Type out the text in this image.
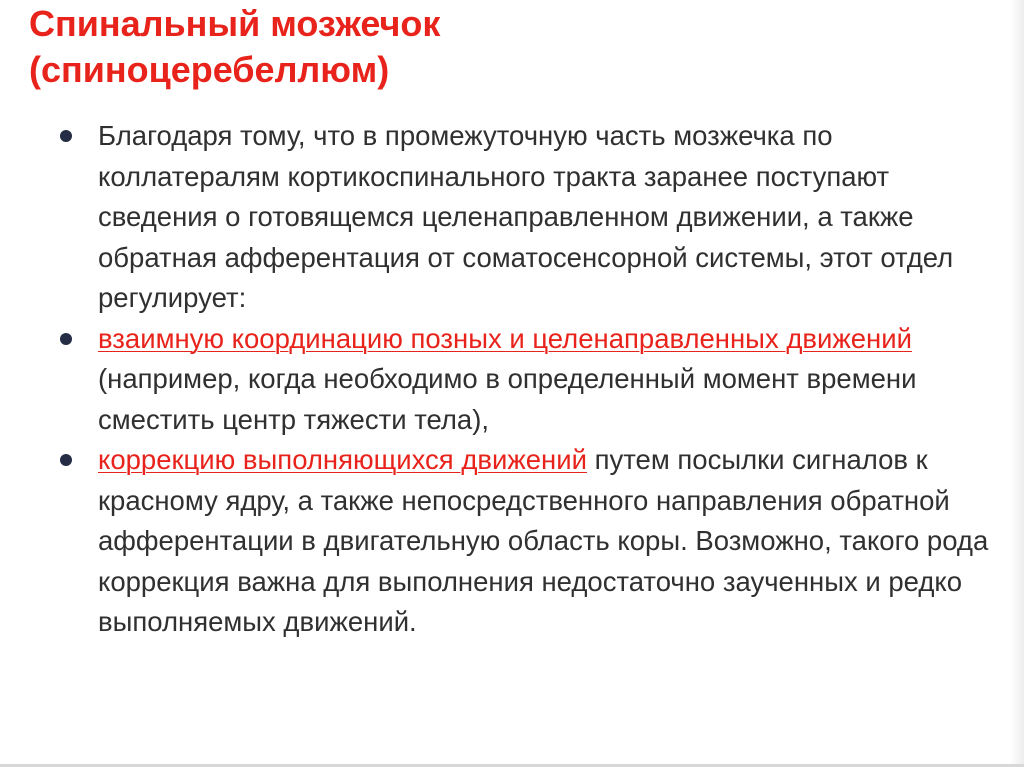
Спинальный мозжечок
(спиноцеребеллюм)
Благодаря тому, что в промежуточную часть мозжечка по коллатералям кортикоспинального тракта заранее поступают сведения о готовящемся целенаправленном движении, а также обратная афферентация от соматосенсорной системы, этот отдел регулирует:
взаимную координацию позных и целенаправленных движений (например, когда необходимо в определенный момент времени сместить центр тяжести тела),
коррекцию выполняющихся движений путем посылки сигналов к красному ядру, а также непосредственного направления обратной афферентации в двигательную область коры. Возможно, такого рода коррекция важна для выполнения недостаточно заученных и редко выполняемых движений.
